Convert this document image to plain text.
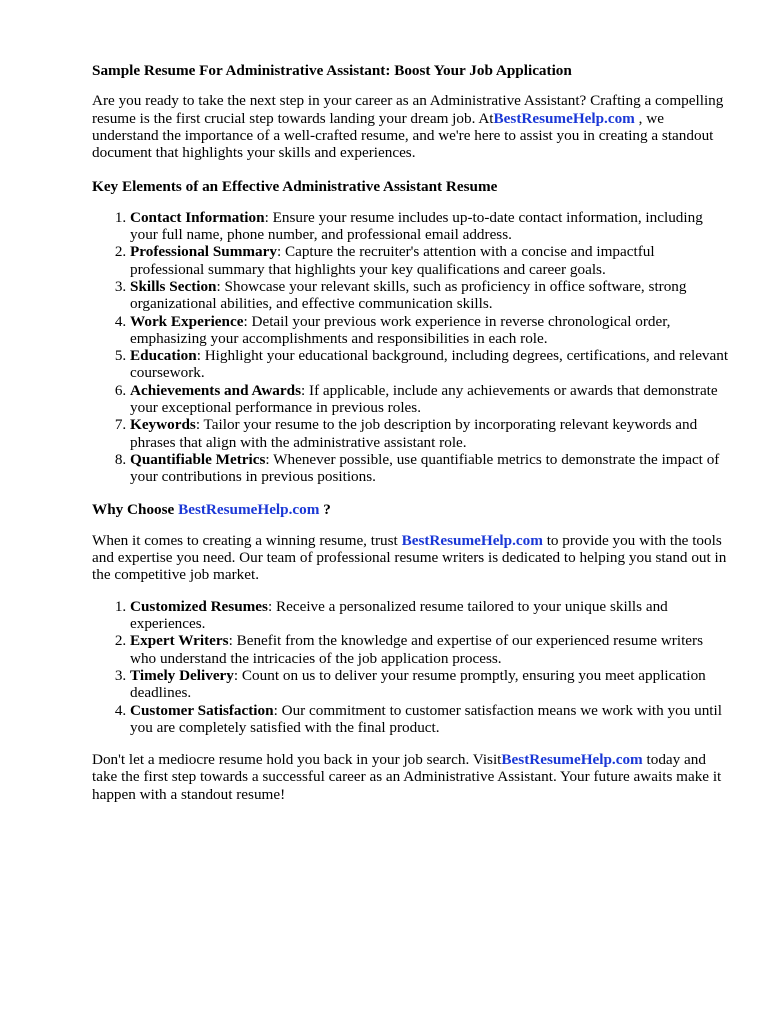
Sample Resume For Administrative Assistant: Boost Your Job Application

Are you ready to take the next step in your career as an Administrative Assistant? Crafting a compelling resume is the first crucial step towards landing your dream job. AtBestResumeHelp.com , we understand the importance of a well-crafted resume, and we're here to assist you in creating a standout document that highlights your skills and experiences.

Key Elements of an Effective Administrative Assistant Resume
1. Contact Information: Ensure your resume includes up-to-date contact information, including your full name, phone number, and professional email address.
2. Professional Summary: Capture the recruiter's attention with a concise and impactful professional summary that highlights your key qualifications and career goals.
3. Skills Section: Showcase your relevant skills, such as proficiency in office software, strong organizational abilities, and effective communication skills.
4. Work Experience: Detail your previous work experience in reverse chronological order, emphasizing your accomplishments and responsibilities in each role.
5. Education: Highlight your educational background, including degrees, certifications, and relevant coursework.
6. Achievements and Awards: If applicable, include any achievements or awards that demonstrate your exceptional performance in previous roles.
7. Keywords: Tailor your resume to the job description by incorporating relevant keywords and phrases that align with the administrative assistant role.
8. Quantifiable Metrics: Whenever possible, use quantifiable metrics to demonstrate the impact of your contributions in previous positions.
Why Choose BestResumeHelp.com ?

When it comes to creating a winning resume, trust BestResumeHelp.com to provide you with the tools and expertise you need. Our team of professional resume writers is dedicated to helping you stand out in the competitive job market.

1. Customized Resumes: Receive a personalized resume tailored to your unique skills and experiences.
2. Expert Writers: Benefit from the knowledge and expertise of our experienced resume writers who understand the intricacies of the job application process.
3. Timely Delivery: Count on us to deliver your resume promptly, ensuring you meet application deadlines.
4. Customer Satisfaction: Our commitment to customer satisfaction means we work with you until you are completely satisfied with the final product.

Don't let a mediocre resume hold you back in your job search. VisitBestResumeHelp.com today and take the first step towards a successful career as an Administrative Assistant. Your future awaits make it happen with a standout resume!
